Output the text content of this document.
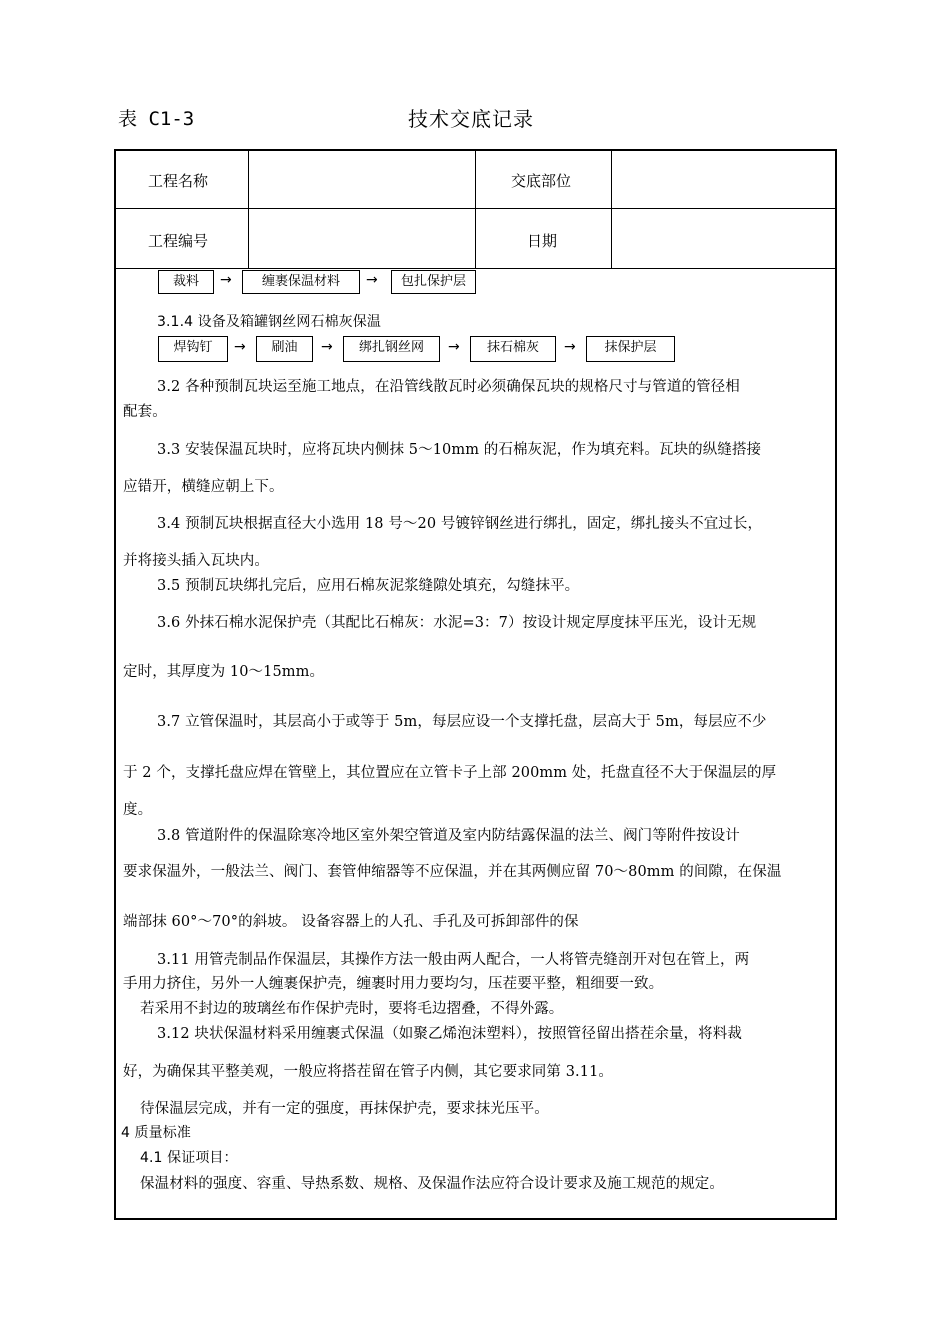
表 C1-3	技术交底记录
工程名称	交底部位
工程编号	日期
裁料	→	缠裹保温材料	→	包扎保护层
3.1.4 设备及箱罐钢丝网石棉灰保温
焊钩钉	→	刷油	→	绑扎钢丝网	→	抹石棉灰	→	抹保护层
3.2 各种预制瓦块运至施工地点，在沿管线散瓦时必须确保瓦块的规格尺寸与管道的管径相
配套。
3.3 安装保温瓦块时，应将瓦块内侧抹 5～10mm 的石棉灰泥，作为填充料。瓦块的纵缝搭接
应错开，横缝应朝上下。
3.4 预制瓦块根据直径大小选用 18 号～20 号镀锌钢丝进行绑扎，固定，绑扎接头不宜过长，
并将接头插入瓦块内。
3.5 预制瓦块绑扎完后，应用石棉灰泥浆缝隙处填充，勾缝抹平。
3.6 外抹石棉水泥保护壳（其配比石棉灰：水泥=3：7）按设计规定厚度抹平压光，设计无规
定时，其厚度为 10～15mm。
3.7 立管保温时，其层高小于或等于 5m，每层应设一个支撑托盘，层高大于 5m，每层应不少
于 2 个，支撑托盘应焊在管壁上，其位置应在立管卡子上部 200mm 处，托盘直径不大于保温层的厚
度。
3.8 管道附件的保温除寒冷地区室外架空管道及室内防结露保温的法兰、阀门等附件按设计
要求保温外，一般法兰、阀门、套管伸缩器等不应保温，并在其两侧应留 70～80mm 的间隙，在保温
端部抹 60°～70°的斜坡。 设备容器上的人孔、手孔及可拆卸部件的保
3.11 用管壳制品作保温层，其操作方法一般由两人配合，一人将管壳缝剖开对包在管上，两
手用力挤住，另外一人缠裹保护壳，缠裹时用力要均匀，压茬要平整，粗细要一致。
若采用不封边的玻璃丝布作保护壳时，要将毛边摺叠，不得外露。
3.12 块状保温材料采用缠裹式保温（如聚乙烯泡沫塑料），按照管径留出搭茬余量，将料裁
好，为确保其平整美观，一般应将搭茬留在管子内侧，其它要求同第 3.11。
待保温层完成，并有一定的强度，再抹保护壳，要求抹光压平。
4 质量标准
4.1 保证项目：
保温材料的强度、容重、导热系数、规格、及保温作法应符合设计要求及施工规范的规定。
